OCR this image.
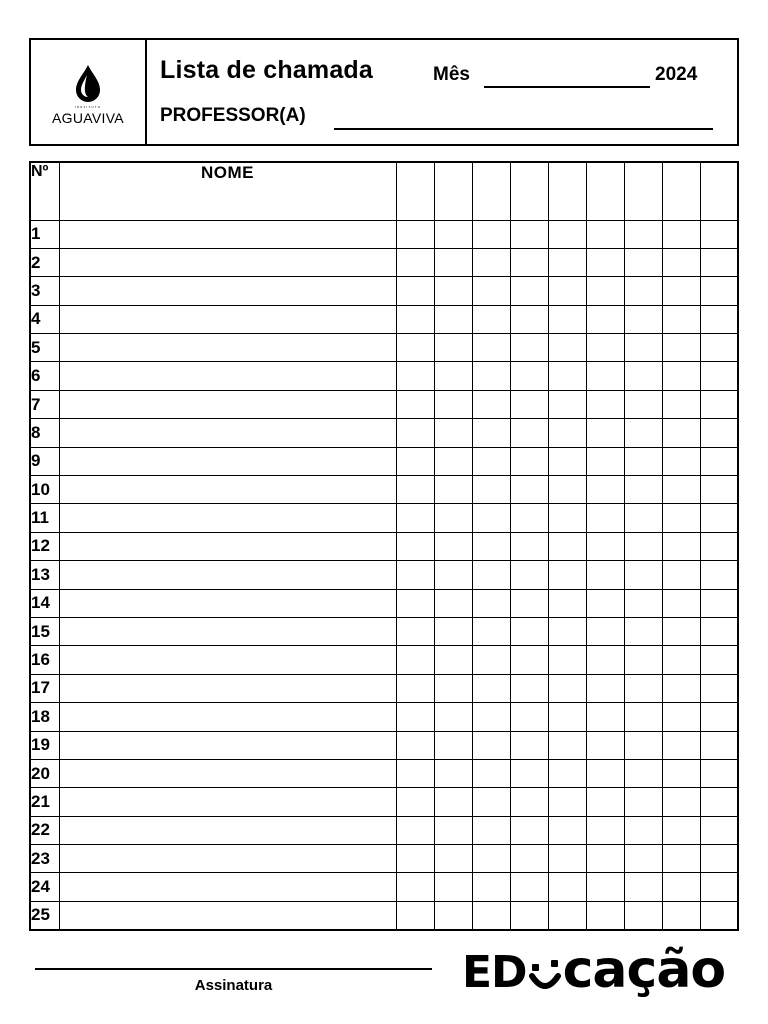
INSTITUTO
AGUAVIVA
Lista de chamada	Mês	2024
PROFESSOR(A)
Nº	NOME									
1										
2										
3										
4										
5										
6										
7										
8										
9										
10										
11										
12										
13										
14										
15										
16										
17										
18										
19										
20										
21										
22										
23										
24										
25										
Assinatura	ED ca ção
